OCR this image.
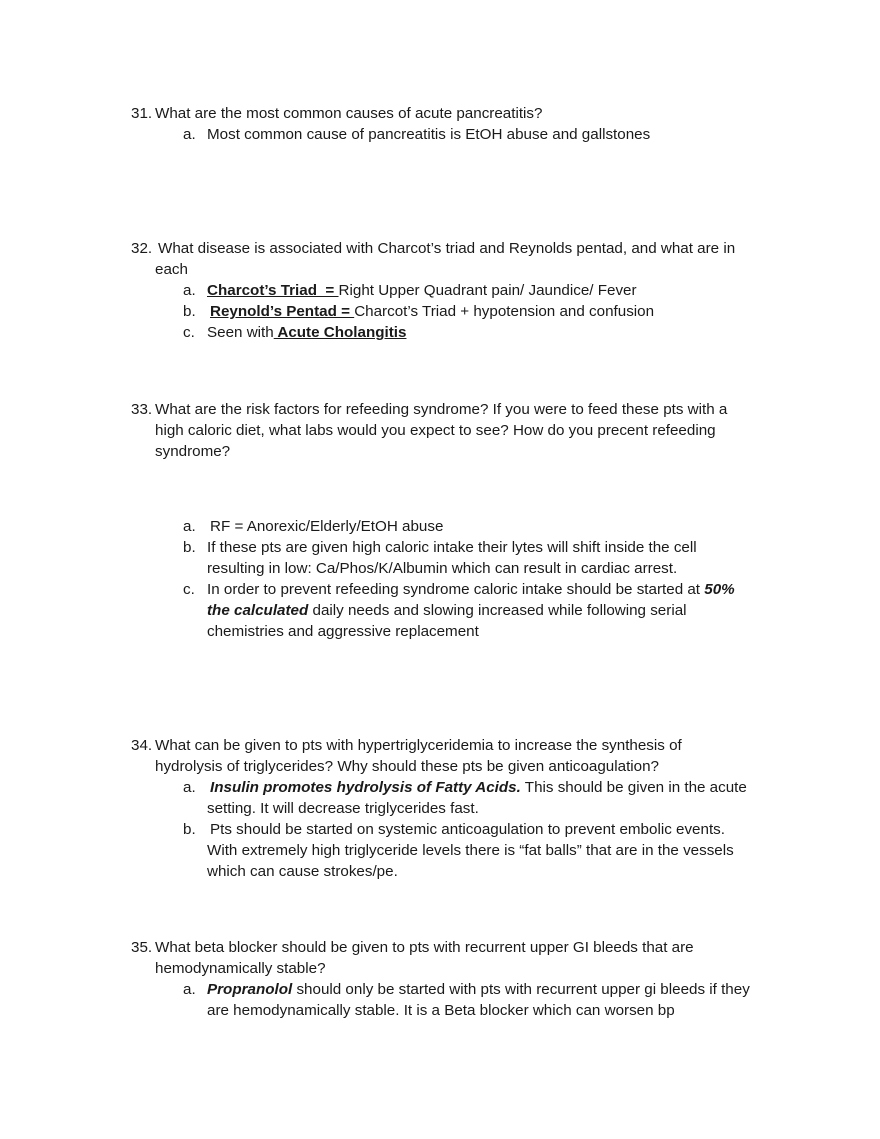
31. What are the most common causes of acute pancreatitis?
a. Most common cause of pancreatitis is EtOH abuse and gallstones
32. What disease is associated with Charcot’s triad and Reynolds pentad, and what are in
each
a. Charcot’s Triad  = Right Upper Quadrant pain/ Jaundice/ Fever
b. Reynold’s Pentad = Charcot’s Triad + hypotension and confusion
c. Seen with Acute Cholangitis
33. What are the risk factors for refeeding syndrome? If you were to feed these pts with a
high caloric diet, what labs would you expect to see? How do you precent refeeding
syndrome?
a. RF = Anorexic/Elderly/EtOH abuse
b. If these pts are given high caloric intake their lytes will shift inside the cell
resulting in low: Ca/Phos/K/Albumin which can result in cardiac arrest.
c. In order to prevent refeeding syndrome caloric intake should be started at 50%
the calculated daily needs and slowing increased while following serial
chemistries and aggressive replacement
34. What can be given to pts with hypertriglyceridemia to increase the synthesis of
hydrolysis of triglycerides? Why should these pts be given anticoagulation?
a. Insulin promotes hydrolysis of Fatty Acids. This should be given in the acute
setting. It will decrease triglycerides fast.
b. Pts should be started on systemic anticoagulation to prevent embolic events.
With extremely high triglyceride levels there is “fat balls” that are in the vessels
which can cause strokes/pe.
35. What beta blocker should be given to pts with recurrent upper GI bleeds that are
hemodynamically stable?
a. Propranolol should only be started with pts with recurrent upper gi bleeds if they
are hemodynamically stable. It is a Beta blocker which can worsen bp
